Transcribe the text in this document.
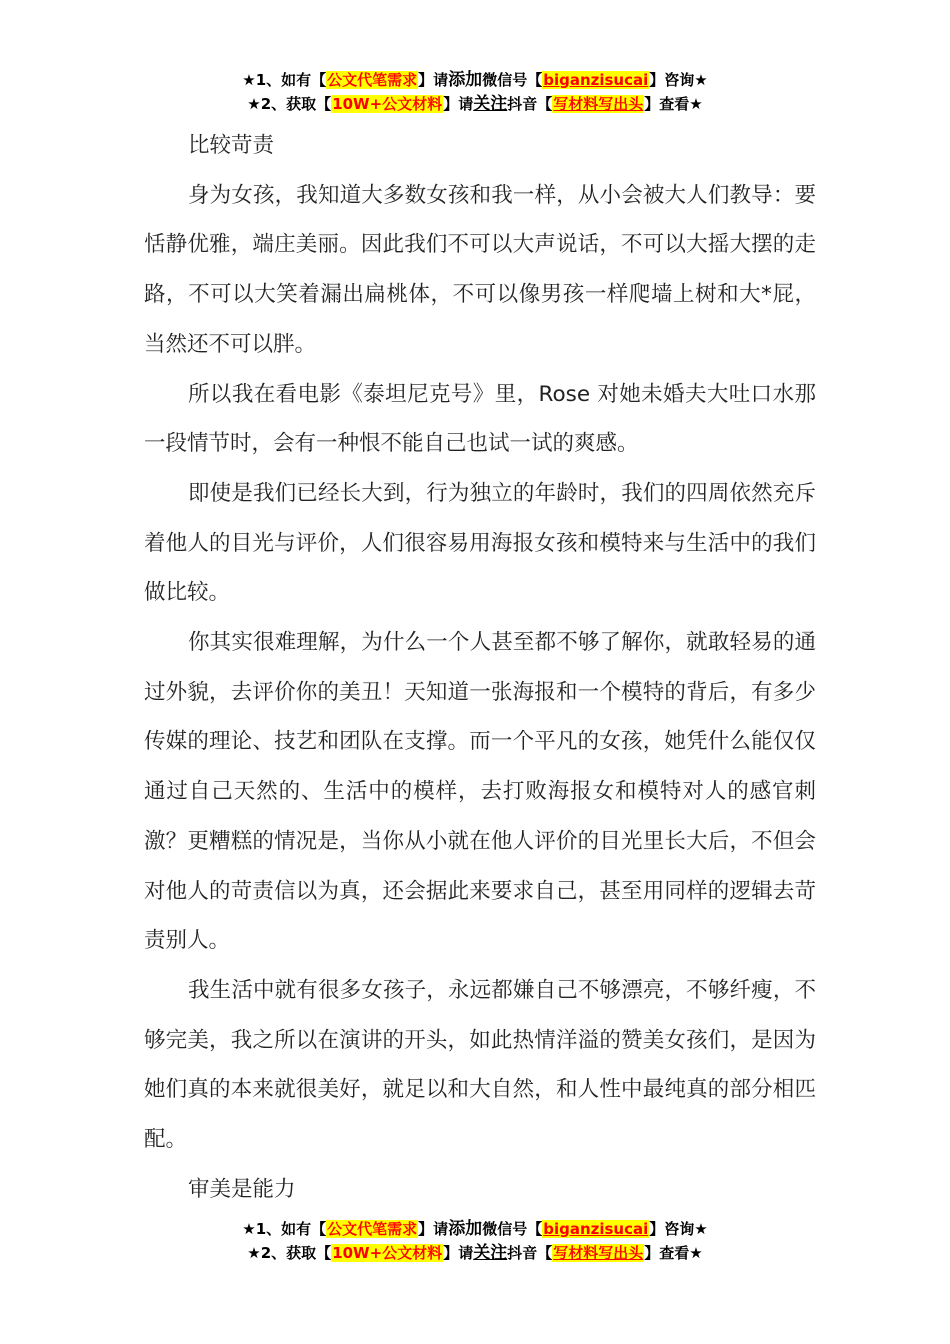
★1、如有【公文代笔需求】请添加微信号【biganzisucai】咨询★
★2、获取【10W+公文材料】请关注抖音【写材料写出头】查看★

比较苛责

身为女孩，我知道大多数女孩和我一样，从小会被大人们教导：要恬静优雅，端庄美丽。因此我们不可以大声说话，不可以大摇大摆的走路，不可以大笑着漏出扁桃体，不可以像男孩一样爬墙上树和大*屁，当然还不可以胖。

所以我在看电影《泰坦尼克号》里，Rose 对她未婚夫大吐口水那一段情节时，会有一种恨不能自己也试一试的爽感。

即使是我们已经长大到，行为独立的年龄时，我们的四周依然充斥着他人的目光与评价，人们很容易用海报女孩和模特来与生活中的我们做比较。

你其实很难理解，为什么一个人甚至都不够了解你，就敢轻易的通过外貌，去评价你的美丑！天知道一张海报和一个模特的背后，有多少传媒的理论、技艺和团队在支撑。而一个平凡的女孩，她凭什么能仅仅通过自己天然的、生活中的模样，去打败海报女和模特对人的感官刺激？更糟糕的情况是，当你从小就在他人评价的目光里长大后，不但会对他人的苛责信以为真，还会据此来要求自己，甚至用同样的逻辑去苛责别人。

我生活中就有很多女孩子，永远都嫌自己不够漂亮，不够纤瘦，不够完美，我之所以在演讲的开头，如此热情洋溢的赞美女孩们，是因为她们真的本来就很美好，就足以和大自然，和人性中最纯真的部分相匹配。

审美是能力

★1、如有【公文代笔需求】请添加微信号【biganzisucai】咨询★
★2、获取【10W+公文材料】请关注抖音【写材料写出头】查看★
